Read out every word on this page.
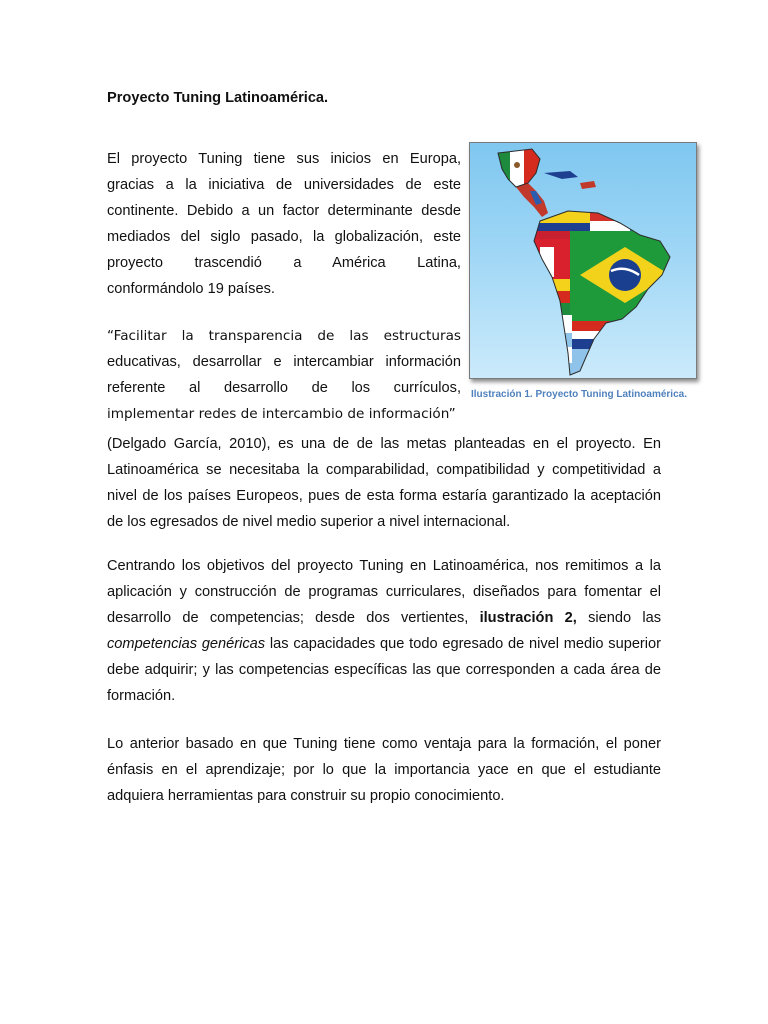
Proyecto Tuning Latinoamérica.
El proyecto Tuning tiene sus inicios en Europa,
gracias a la iniciativa de universidades de este
continente. Debido a un factor determinante desde
mediados del siglo pasado, la globalización, este
proyecto trascendió a América Latina,
conformándolo 19 países.
“Facilitar la transparencia de las estructuras
educativas, desarrollar e intercambiar información
referente al desarrollo de los currículos,
implementar redes de intercambio de información”

(Delgado García, 2010), es una de de las metas planteadas en el proyecto. En Latinoamérica se necesitaba la comparabilidad, compatibilidad y competitividad a nivel de los países Europeos, pues de esta forma estaría garantizado la aceptación de los egresados de nivel medio superior a nivel internacional.

Centrando los objetivos del proyecto Tuning en Latinoamérica, nos remitimos a la aplicación y construcción de programas curriculares, diseñados para fomentar el desarrollo de competencias; desde dos vertientes, ilustración 2, siendo las competencias genéricas las capacidades que todo egresado de nivel medio superior debe adquirir; y las competencias específicas las que corresponden a cada área de formación.

Lo anterior basado en que Tuning tiene como ventaja para la formación, el poner énfasis en el aprendizaje; por lo que la importancia yace en que el estudiante adquiera herramientas para construir su propio conocimiento.

Ilustración 1. Proyecto Tuning Latinoamérica.
